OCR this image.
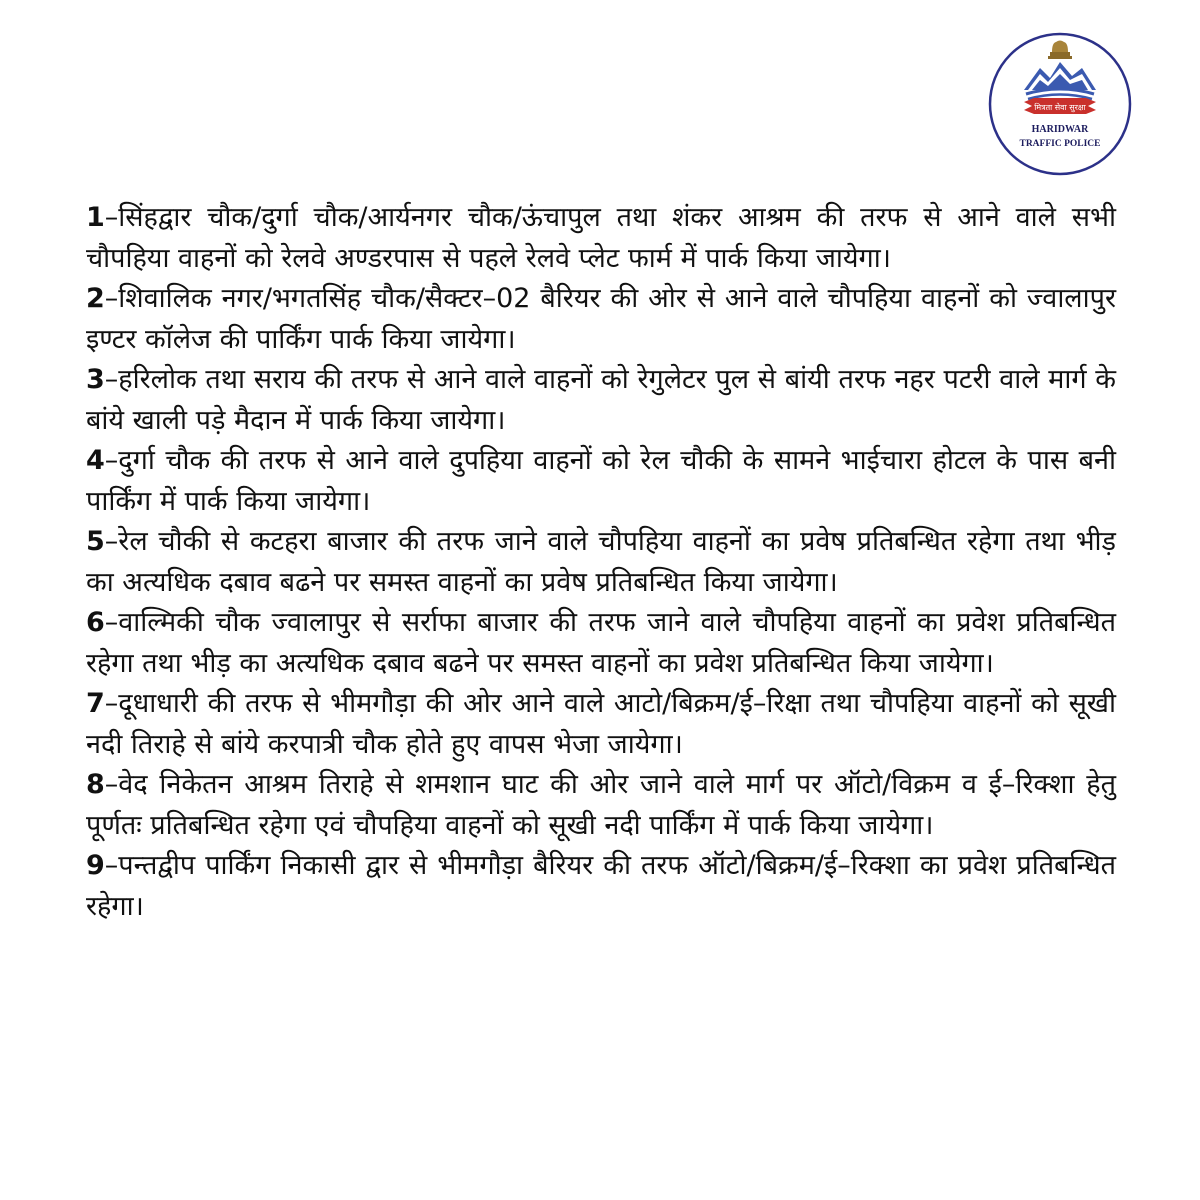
मित्रता सेवा सुरक्षा
HARIDWAR
TRAFFIC POLICE
1–सिंहद्वार चौक/दुर्गा चौक/आर्यनगर चौक/ऊंचापुल तथा शंकर आश्रम की तरफ से आने वाले सभी चौपहिया वाहनों को रेलवे अण्डरपास से पहले रेलवे प्लेट फार्म में पार्क किया जायेगा।
2–शिवालिक नगर/भगतसिंह चौक/सैक्टर–02 बैरियर की ओर से आने वाले चौपहिया वाहनों को ज्वालापुर इण्टर कॉलेज की पार्किंग पार्क किया जायेगा।
3–हरिलोक तथा सराय की तरफ से आने वाले वाहनों को रेगुलेटर पुल से बांयी तरफ नहर पटरी वाले मार्ग के बांये खाली पड़े मैदान में पार्क किया जायेगा।
4–दुर्गा चौक की तरफ से आने वाले दुपहिया वाहनों को रेल चौकी के सामने भाईचारा होटल के पास बनी पार्किंग में पार्क किया जायेगा।
5–रेल चौकी से कटहरा बाजार की तरफ जाने वाले चौपहिया वाहनों का प्रवेष प्रतिबन्धित रहेगा तथा भीड़ का अत्यधिक दबाव बढने पर समस्त वाहनों का प्रवेष प्रतिबन्धित किया जायेगा।
6–वाल्मिकी चौक ज्वालापुर से सर्राफा बाजार की तरफ जाने वाले चौपहिया वाहनों का प्रवेश प्रतिबन्धित रहेगा तथा भीड़ का अत्यधिक दबाव बढने पर समस्त वाहनों का प्रवेश प्रतिबन्धित किया जायेगा।
7–दूधाधारी की तरफ से भीमगौड़ा की ओर आने वाले आटो/बिक्रम/ई–रिक्षा तथा चौपहिया वाहनों को सूखी नदी तिराहे से बांये करपात्री चौक होते हुए वापस भेजा जायेगा।
8–वेद निकेतन आश्रम तिराहे से शमशान घाट की ओर जाने वाले मार्ग पर ऑटो/विक्रम व ई–रिक्शा हेतु पूर्णतः प्रतिबन्धित रहेगा एवं चौपहिया वाहनों को सूखी नदी पार्किंग में पार्क किया जायेगा।
9–पन्तद्वीप पार्किंग निकासी द्वार से भीमगौड़ा बैरियर की तरफ ऑटो/बिक्रम/ई–रिक्शा का प्रवेश प्रतिबन्धित रहेगा।
